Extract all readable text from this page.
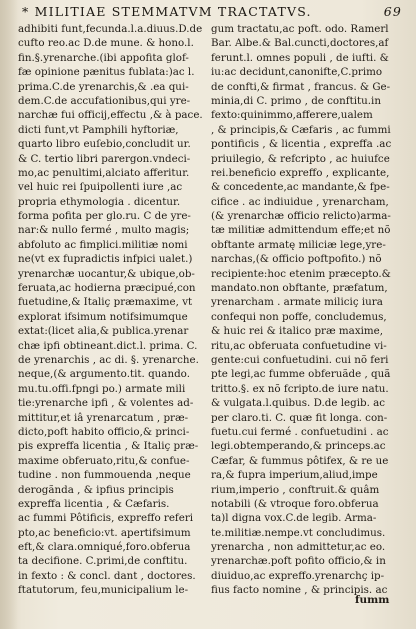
* MILITIAE STEMMATVM TRACTATVS.	69
adhibiti funt,fecunda.l.a.diuus.D.de
cufto reo.ac D.de mune. & hono.l.
fin.§.yrenarche.(ibi appofita glof-
fæ opinione pænitus fublata:)ac l.
prima.C.de yrenarchis,& .ea qui-
dem.C.de accufationibus,qui yre-
narchæ fui officij,effectu ,& à pace.
dicti funt,vt Pamphili hyftoriæ,
quarto libro euſebio,concludit ur.
& C. tertio libri parergon.vndeci-
mo,ac penultimi,alciato afferitur.
vel huic rei ſpuipollenti iure ,ac
propria ethymologia . dicentur.
forma pofita per glo.ru. C de yre-
nar:& nullo fermé , multo magis;
abfoluto ac fimplici.militiæ nomi
ne(vt ex fupradictis infpici ualet.)
yrenarchæ uocantur,& ubique,ob-
feruata,ac hodierna præcipué,con
fuetudine,& Italiç præmaxime, vt
explorat ifsimum notifsimumque
extat:(licet alia,& publica.yrenar
chæ ipfi obtineant.dict.l. prima. C.
de yrenarchis , ac di. §. yrenarche.
neque,(& argumento.tit. quando.
mu.tu.offi.fpngi po.) armate mili
tie:yrenarche ipfi , & volentes ad-
mittitur,et iâ yrenarcatum , præ-
dicto,poft habito officio,& princi-
pis expreffa licentia , & Italiç præ-
maxime obferuato,ritu,& confue-
tudine . non fummouenda ,neque
derogãnda , & ipfius principis
expreffa licentia , & Cæfaris.
ac fummi Pôtificis, expreffo referi
pto,ac beneficio:vt. apertifsimum
eft,& clara.omniqué,foro.obferua
ta decifione. C.primi,de conftitu.
in fexto : & concl. dant , doctores.
ftatutorum, feu,municipalium le-
gum tractatu,ac poft. odo. Ramerl
Bar. Albe.& Bal.cuncti,doctores,af
ferunt.l. omnes populi , de iufti. &
iu:ac decidunt,canonifte,C.primo
de confti,& firmat , francus. & Ge-
minia,di C. primo , de conftitu.in
fexto:quinimmo,afferere,ualem
, & principis,& Cæfaris , ac fummi
pontificis , & licentia , expreffa .ac
priuilegio, & refcripto , ac huiufce
rei.beneficio expreffo , explicante,
& concedente,ac mandante,& fpe-
cifice . ac indiuidue , yrenarcham,
(& yrenarchæ officio relicto)arma-
tæ militiæ admittendum effe;et nõ
obftante armatę miliciæ lege,yre-
narchas,(& officio poftpofito.) nõ
recipiente:hoc etenim præcepto.&
mandato.non obftante, præfatum,
yrenarcham . armate miliciç iura
confequi non poffe, concludemus,
& huic rei & italico præ maxime,
ritu,ac obferuata confuetudine vi-
gente:cui confuetudini. cui nõ feri
pte legi,ac fumme obferuãde , quã
tritto.§. ex nõ fcripto.de iure natu.
& vulgata.l.quibus. D.de legib. ac
per claro.ti. C. quæ fit longa. con-
fuetu.cui fermé . confuetudini . ac
legi.obtemperando,& princeps.ac
Cæfar, & fummus pôtifex, & re ue
ra,& fupra imperium,aliud,impe
rium,imperio , conftruit.& quâm
notabili (& vtroque foro.obferua
ta)l digna vox.C.de legib. Arma-
te.militiæ.nempe.vt concludimus.
yrenarcha , non admittetur,ac eo.
yrenarchæ.poft pofito officio,& in
diuiduo,ac expreffo.yrenarchç ip-
fius facto nomine , & principis. ac
fumm
